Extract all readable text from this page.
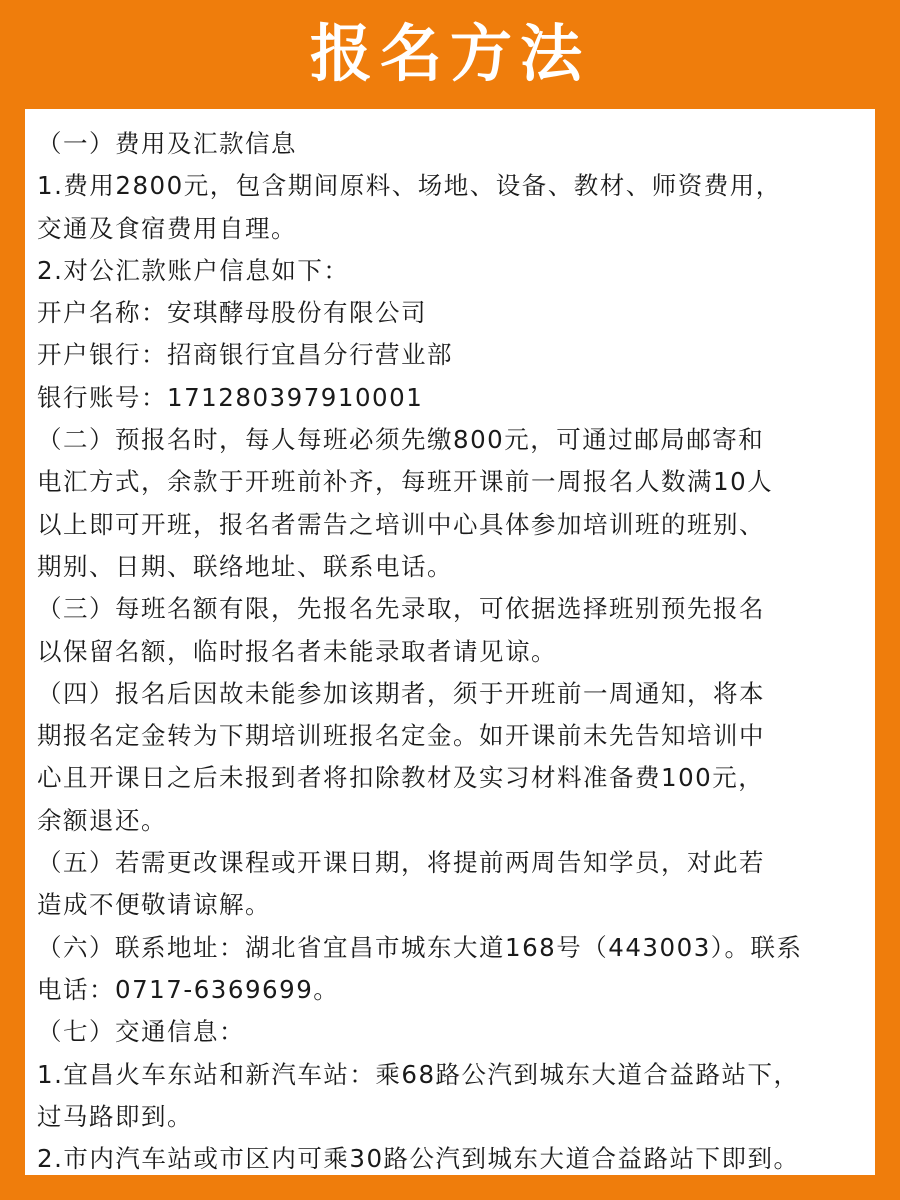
报名方法
（一）费用及汇款信息
1.费用2800元，包含期间原料、场地、设备、教材、师资费用，
交通及食宿费用自理。
2.对公汇款账户信息如下：
开户名称：安琪酵母股份有限公司
开户银行：招商银行宜昌分行营业部
银行账号：171280397910001
（二）预报名时，每人每班必须先缴800元，可通过邮局邮寄和
电汇方式，余款于开班前补齐，每班开课前一周报名人数满10人
以上即可开班，报名者需告之培训中心具体参加培训班的班别、
期别、日期、联络地址、联系电话。
（三）每班名额有限，先报名先录取，可依据选择班别预先报名
以保留名额，临时报名者未能录取者请见谅。
（四）报名后因故未能参加该期者，须于开班前一周通知，将本
期报名定金转为下期培训班报名定金。如开课前未先告知培训中
心且开课日之后未报到者将扣除教材及实习材料准备费100元，
余额退还。
（五）若需更改课程或开课日期，将提前两周告知学员，对此若
造成不便敬请谅解。
（六）联系地址：湖北省宜昌市城东大道168号（443003）。联系
电话：0717-6369699。
（七）交通信息：
1.宜昌火车东站和新汽车站：乘68路公汽到城东大道合益路站下，
过马路即到。
2.市内汽车站或市区内可乘30路公汽到城东大道合益路站下即到。
